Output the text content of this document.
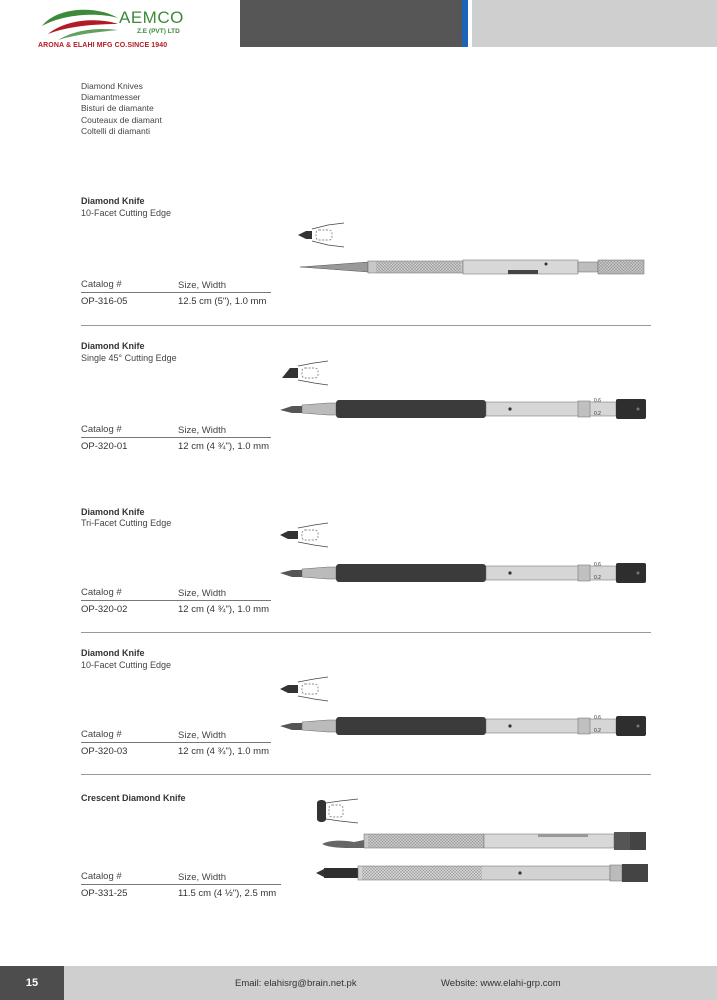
AEMCO
Z.E (PVT) LTD
ARONA & ELAHI MFG CO.SINCE 1940
Diamond Knives
Diamantmesser
Bisturi de diamante
Couteaux de diamant
Coltelli di diamanti
Diamond Knife
10-Facet Cutting Edge
Catalog #	Size, Width
OP-316-05	12.5 cm (5"), 1.0 mm
Diamond Knife
Single 45° Cutting Edge
0.6
0.2
Catalog #	Size, Width
OP-320-01	12 cm (4 ¾"), 1.0 mm
Diamond Knife
Tri-Facet Cutting Edge
0.6
0.2
Catalog #	Size, Width
OP-320-02	12 cm (4 ¾"), 1.0 mm
Diamond Knife
10-Facet Cutting Edge
0.6
0.2
Catalog #	Size, Width
OP-320-03	12 cm (4 ¾"), 1.0 mm
Crescent Diamond Knife
Catalog #	Size, Width
OP-331-25	11.5 cm (4 ½"), 2.5 mm
15	Email: elahisrg@brain.net.pk	Website: www.elahi-grp.com
